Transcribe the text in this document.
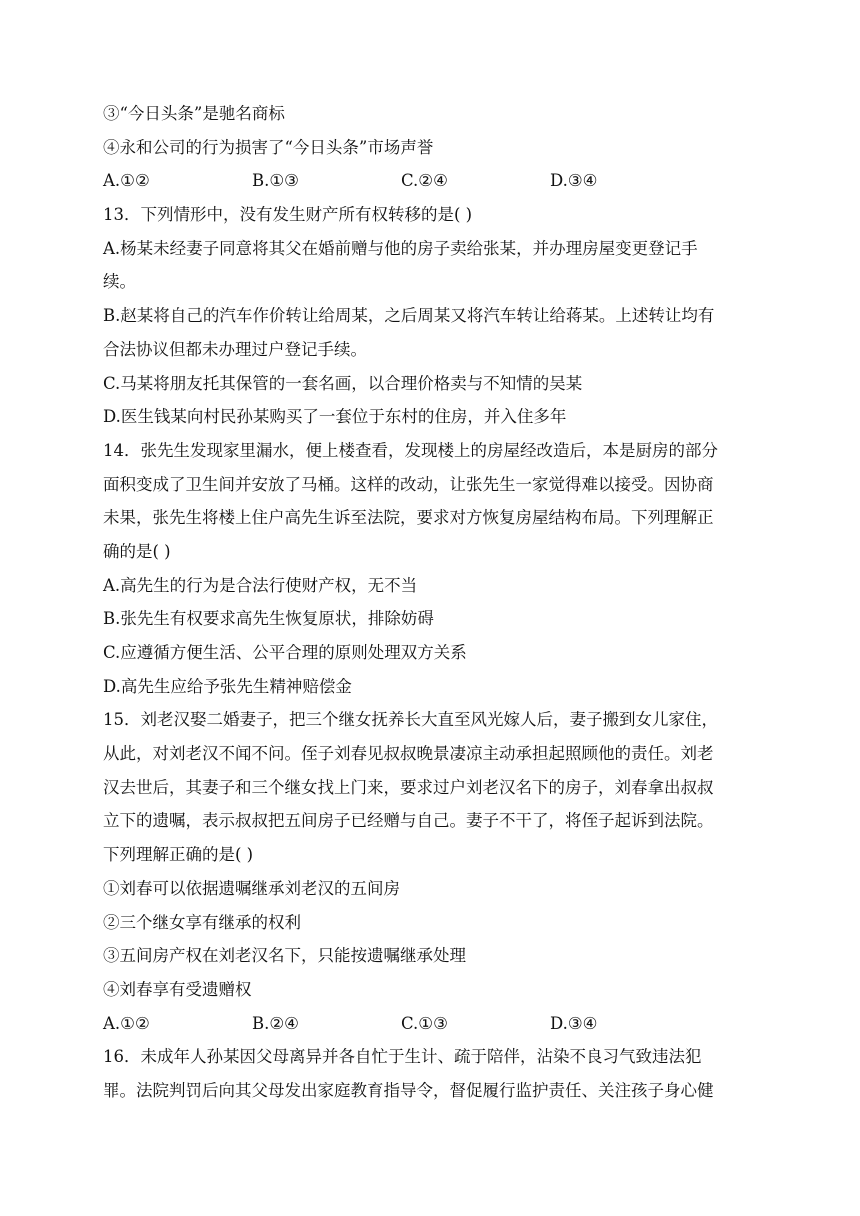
③“今日头条”是驰名商标
④永和公司的行为损害了“今日头条”市场声誉
A.①②	B.①③	C.②④	D.③④
13．下列情形中，没有发生财产所有权转移的是( )
A.杨某未经妻子同意将其父在婚前赠与他的房子卖给张某，并办理房屋变更登记手
续。
B.赵某将自己的汽车作价转让给周某，之后周某又将汽车转让给蒋某。上述转让均有
合法协议但都未办理过户登记手续。
C.马某将朋友托其保管的一套名画，以合理价格卖与不知情的吴某
D.医生钱某向村民孙某购买了一套位于东村的住房，并入住多年
14．张先生发现家里漏水，便上楼查看，发现楼上的房屋经改造后，本是厨房的部分
面积变成了卫生间并安放了马桶。这样的改动，让张先生一家觉得难以接受。因协商
未果，张先生将楼上住户高先生诉至法院，要求对方恢复房屋结构布局。下列理解正
确的是( )
A.高先生的行为是合法行使财产权，无不当
B.张先生有权要求高先生恢复原状，排除妨碍
C.应遵循方便生活、公平合理的原则处理双方关系
D.高先生应给予张先生精神赔偿金
15．刘老汉娶二婚妻子，把三个继女抚养长大直至风光嫁人后，妻子搬到女儿家住，
从此，对刘老汉不闻不问。侄子刘春见叔叔晚景凄凉主动承担起照顾他的责任。刘老
汉去世后，其妻子和三个继女找上门来，要求过户刘老汉名下的房子，刘春拿出叔叔
立下的遗嘱，表示叔叔把五间房子已经赠与自己。妻子不干了，将侄子起诉到法院。
下列理解正确的是( )
①刘春可以依据遗嘱继承刘老汉的五间房
②三个继女享有继承的权利
③五间房产权在刘老汉名下，只能按遗嘱继承处理
④刘春享有受遗赠权
A.①②	B.②④	C.①③	D.③④
16．未成年人孙某因父母离异并各自忙于生计、疏于陪伴，沾染不良习气致违法犯
罪。法院判罚后向其父母发出家庭教育指导令，督促履行监护责任、关注孩子身心健
